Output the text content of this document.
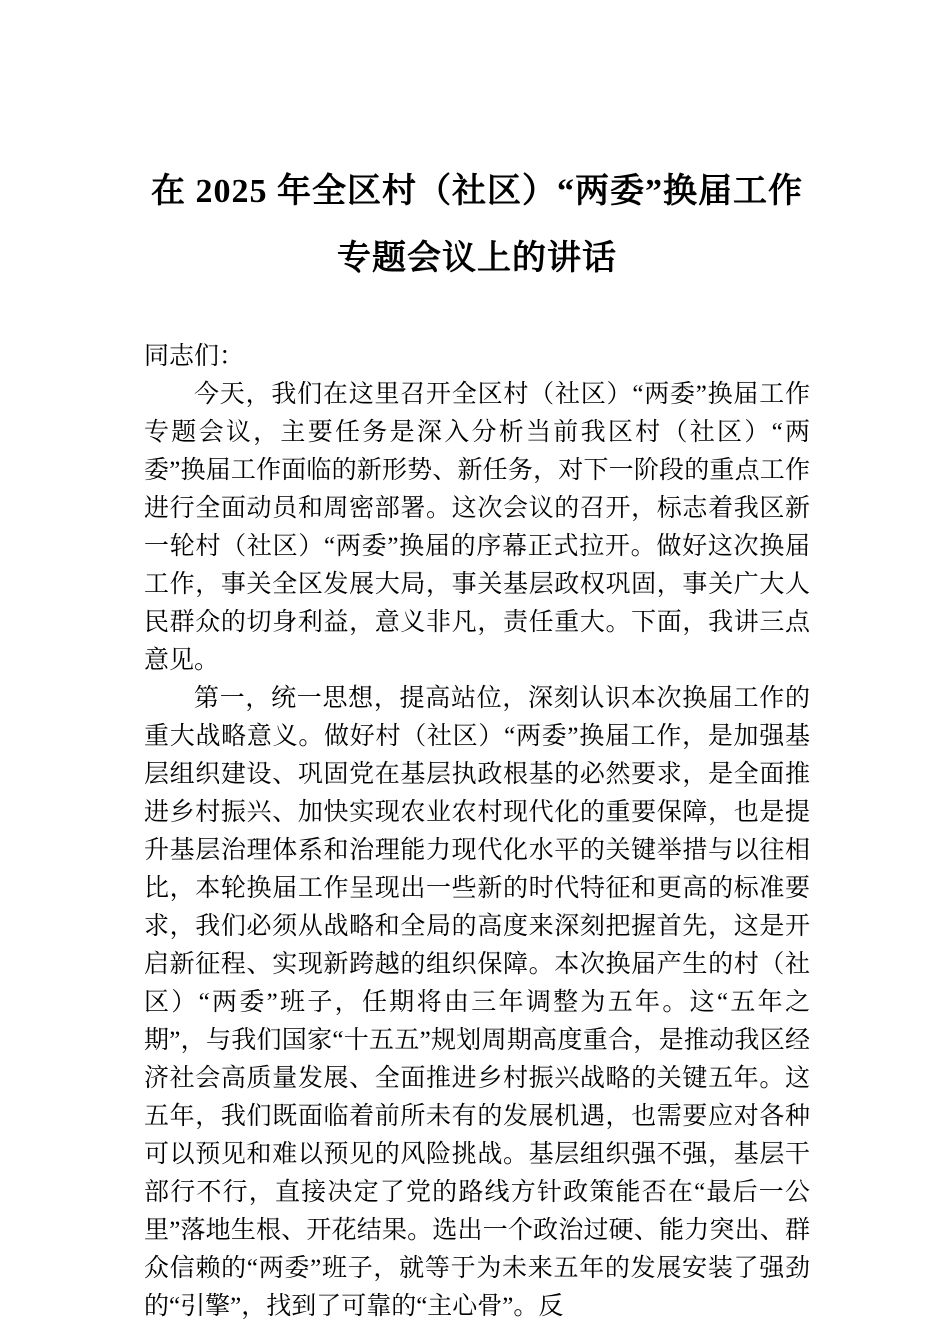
在 2025 年全区村（社区）“两委”换届工作
专题会议上的讲话

同志们：

今天，我们在这里召开全区村（社区）“两委”换届工作专题会议，主要任务是深入分析当前我区村（社区）“两委”换届工作面临的新形势、新任务，对下一阶段的重点工作进行全面动员和周密部署。这次会议的召开，标志着我区新一轮村（社区）“两委”换届的序幕正式拉开。做好这次换届工作，事关全区发展大局，事关基层政权巩固，事关广大人民群众的切身利益，意义非凡，责任重大。下面，我讲三点意见。

第一，统一思想，提高站位，深刻认识本次换届工作的重大战略意义。做好村（社区）“两委”换届工作，是加强基层组织建设、巩固党在基层执政根基的必然要求，是全面推进乡村振兴、加快实现农业农村现代化的重要保障，也是提升基层治理体系和治理能力现代化水平的关键举措与以往相比，本轮换届工作呈现出一些新的时代特征和更高的标准要求，我们必须从战略和全局的高度来深刻把握首先，这是开启新征程、实现新跨越的组织保障。本次换届产生的村（社区）“两委”班子，任期将由三年调整为五年。这“五年之期”，与我们国家“十五五”规划周期高度重合，是推动我区经济社会高质量发展、全面推进乡村振兴战略的关键五年。这五年，我们既面临着前所未有的发展机遇，也需要应对各种可以预见和难以预见的风险挑战。基层组织强不强，基层干部行不行，直接决定了党的路线方针政策能否在“最后一公里”落地生根、开花结果。选出一个政治过硬、能力突出、群众信赖的“两委”班子，就等于为未来五年的发展安装了强劲的“引擎”，找到了可靠的“主心骨”。反
